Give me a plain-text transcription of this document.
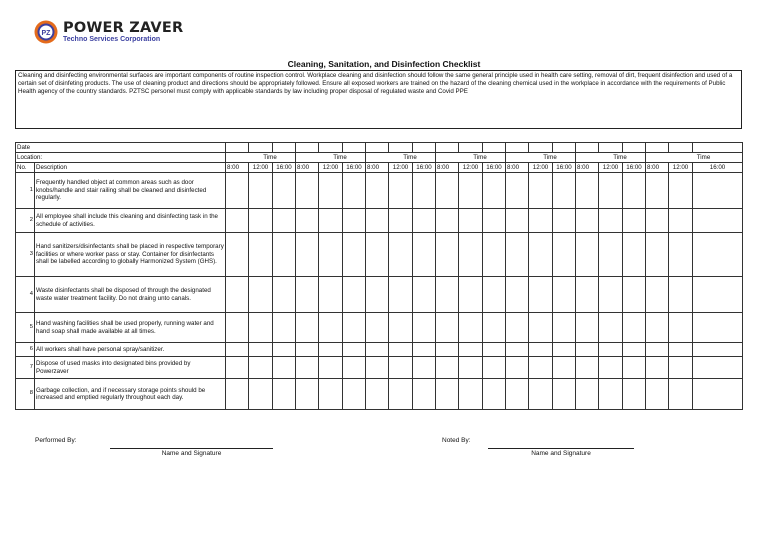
PZ POWER ZAVER
Techno Services Corporation
Cleaning, Sanitation, and Disinfection Checklist
Cleaning and disinfecting environmental surfaces are important components of routine inspection control. Workplace cleaning and disinfection should follow the same general principle used in health care setting, removal of dirt, frequent disinfection and used of a certain set of disinfeting products. The use of cleaning product and directions should be appropriately followed. Ensure all exposed workers are trained on the hazard of the cleaning chemical used in the workplace in accordance with the requirements of Public Health agency of the country standards. PZTSC personel must comply with applicable standards by law including proper disposal of regulated waste and Covid PPE
Date																						
Location:		Time			Time			Time			Time			Time			Time			Time		
No.	Description	8:00	12:00	16:00	8:00	12:00	16:00	8:00	12:00	16:00	8:00	12:00	16:00	8:00	12:00	16:00	8:00	12:00	16:00	8:00	12:00	16:00
1	Frequently handled object at common areas such as door knobs/handle and stair railing shall be cleaned and disinfected regularly.																					
2	All employee shall include this cleaning and disinfecting task in the schedule of activities.																					
3	Hand sanitizers/disinfectants shall be placed in respective temporary facilities or where worker pass or stay. Container for disinfectants shall be labelled according to globally Harmonized System (GHS).																					
4	Waste disinfectants shall be disposed of through the designated waste water treatment facility. Do not draing unto canals.																					
5	Hand washing facilities shall be used properly, running water and hand soap shall made available at all times.																					
6	All workers shall have personal spray/sanitizer.																					
7	Dispose of used masks into designated bins provided by Powerzaver																					
8	Garbage collection, and if necessary storage points should be increased and emptied regularly throughout each day.																					
Performed By:
Name and Signature
Noted By:
Name and Signature
